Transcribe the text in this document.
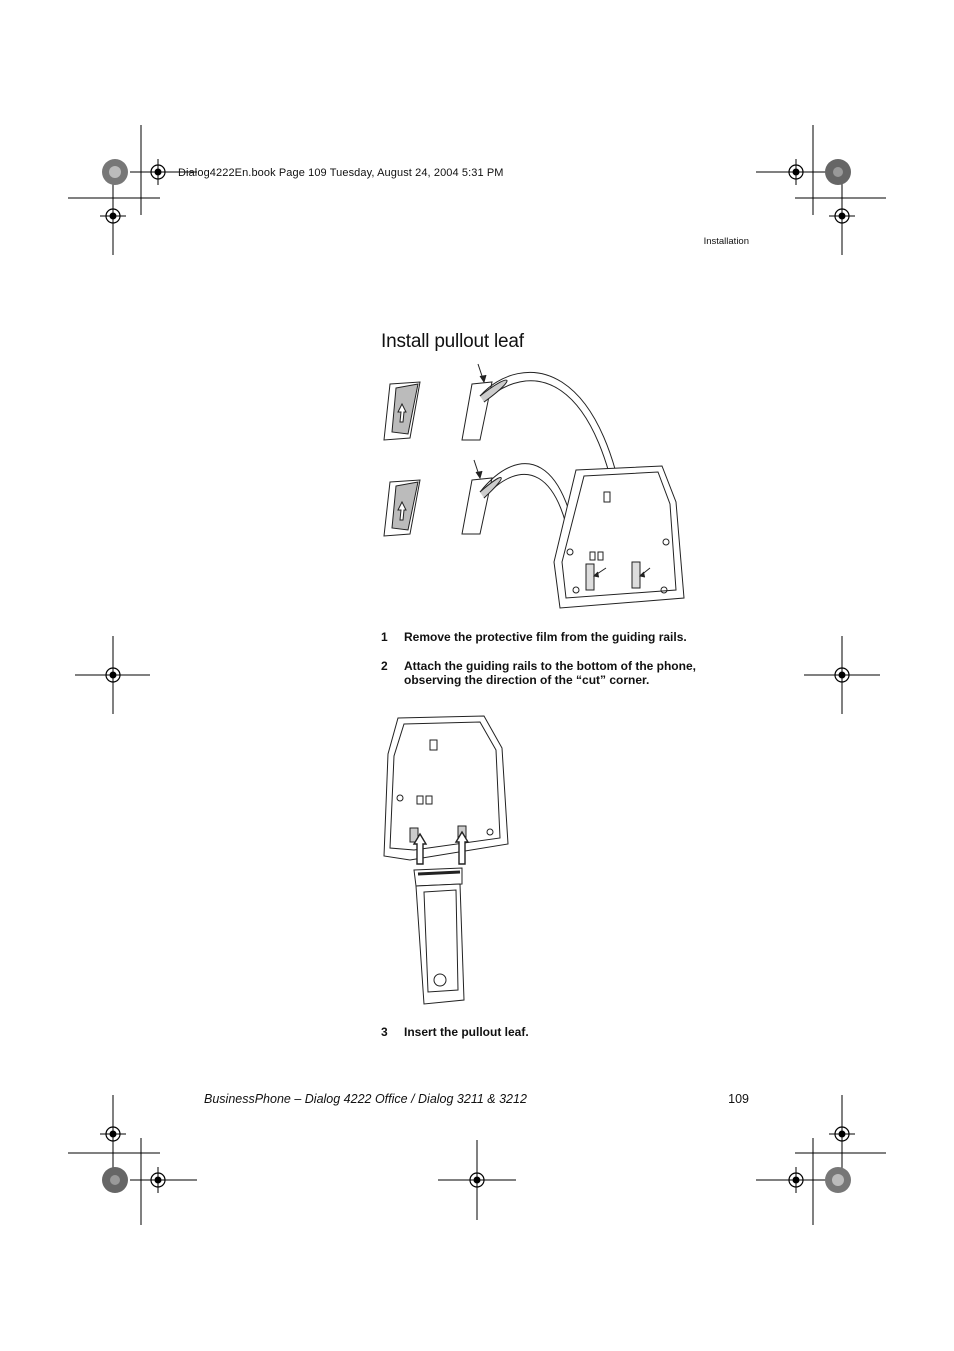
Dialog4222En.book Page 109 Tuesday, August 24, 2004 5:31 PM
Installation
Install pullout leaf
1	Remove the protective film from the guiding rails.
2	Attach the guiding rails to the bottom of the phone, observing the direction of the “cut” corner.
3	Insert the pullout leaf.
BusinessPhone – Dialog 4222 Office / Dialog 3211 & 3212	109
